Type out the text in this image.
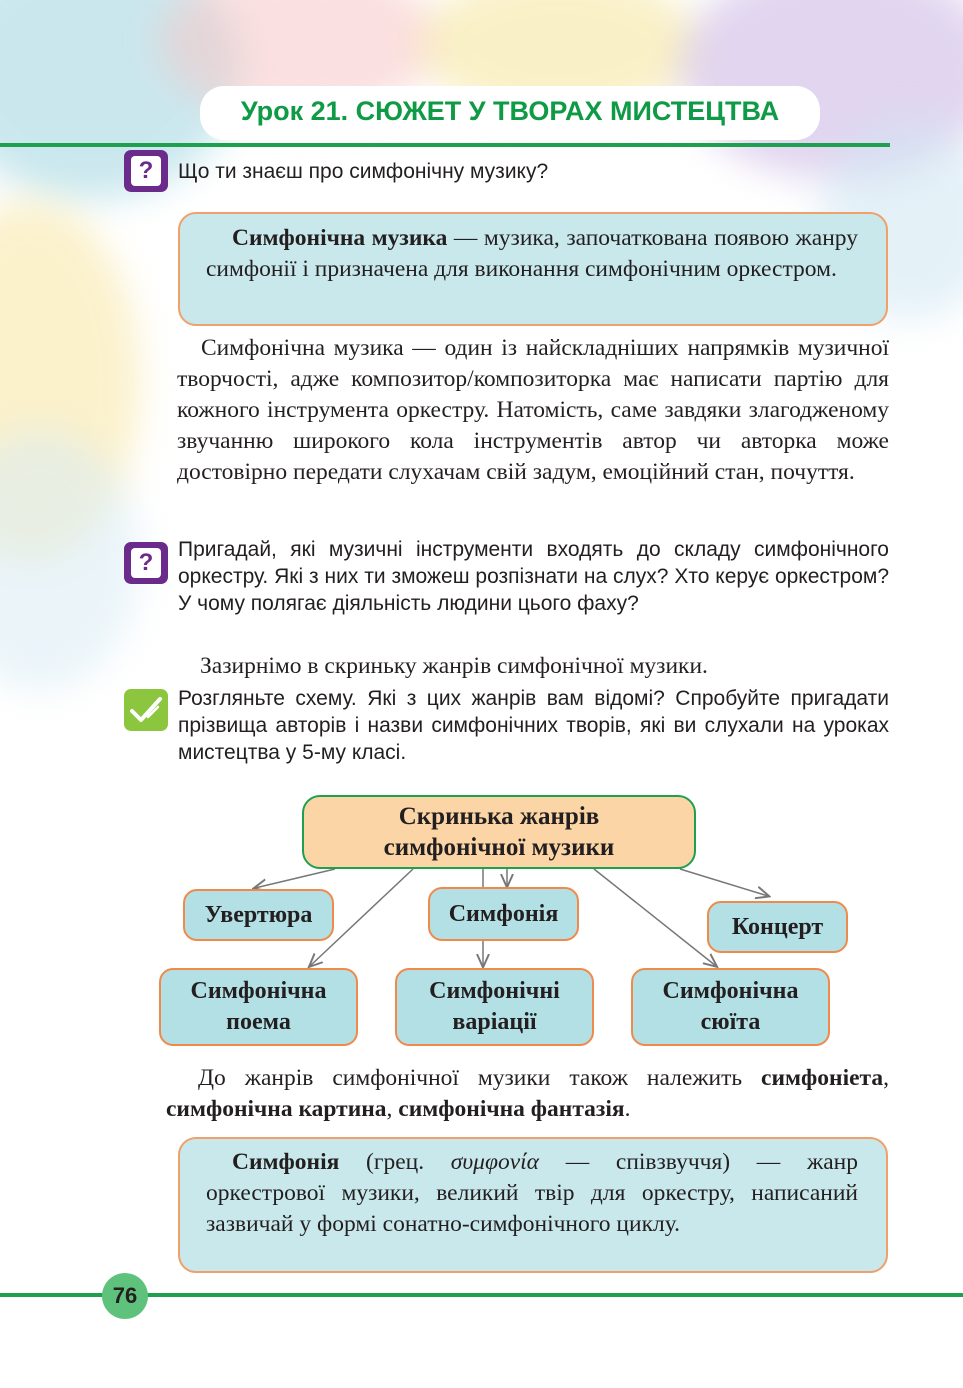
Урок 21. СЮЖЕТ У ТВОРАХ МИСТЕЦТВА
?	Що ти знаєш про симфонічну музику?
Симфонічна музика — музика, започаткована появою жанру симфонії і призначена для виконання симфонічним оркестром.
Симфонічна музика — один із найскладніших напрямків музичної творчості, адже композитор/композиторка має написати партію для кожного інструмента оркестру. Натомість, саме завдяки злагодженому звучанню широкого кола інструментів автор чи авторка може достовірно передати слухачам свій задум, емоційний стан, почуття.
?	Пригадай, які музичні інструменти входять до складу симфонічного оркестру. Які з них ти зможеш розпізнати на слух? Хто керує оркестром? У чому полягає діяльність людини цього фаху?
Зазирнімо в скриньку жанрів симфонічної музики.
Розгляньте схему. Які з цих жанрів вам відомі? Спробуйте пригадати прізвища авторів і назви симфонічних творів, які ви слухали на уроках мистецтва у 5-му класі.
Скринька жанрів
симфонічної музики
Увертюра	Симфонія	Концерт
Симфонічна
поема
Симфонічні
варіації
Симфонічна
сюїта
До жанрів симфонічної музики також належить симфоніета, симфонічна картина, симфонічна фантазія.
Симфонія (грец. συμφονία — співзвуччя) — жанр оркестрової музики, великий твір для оркестру, написаний зазвичай у формі сонатно-симфонічного циклу.
76
